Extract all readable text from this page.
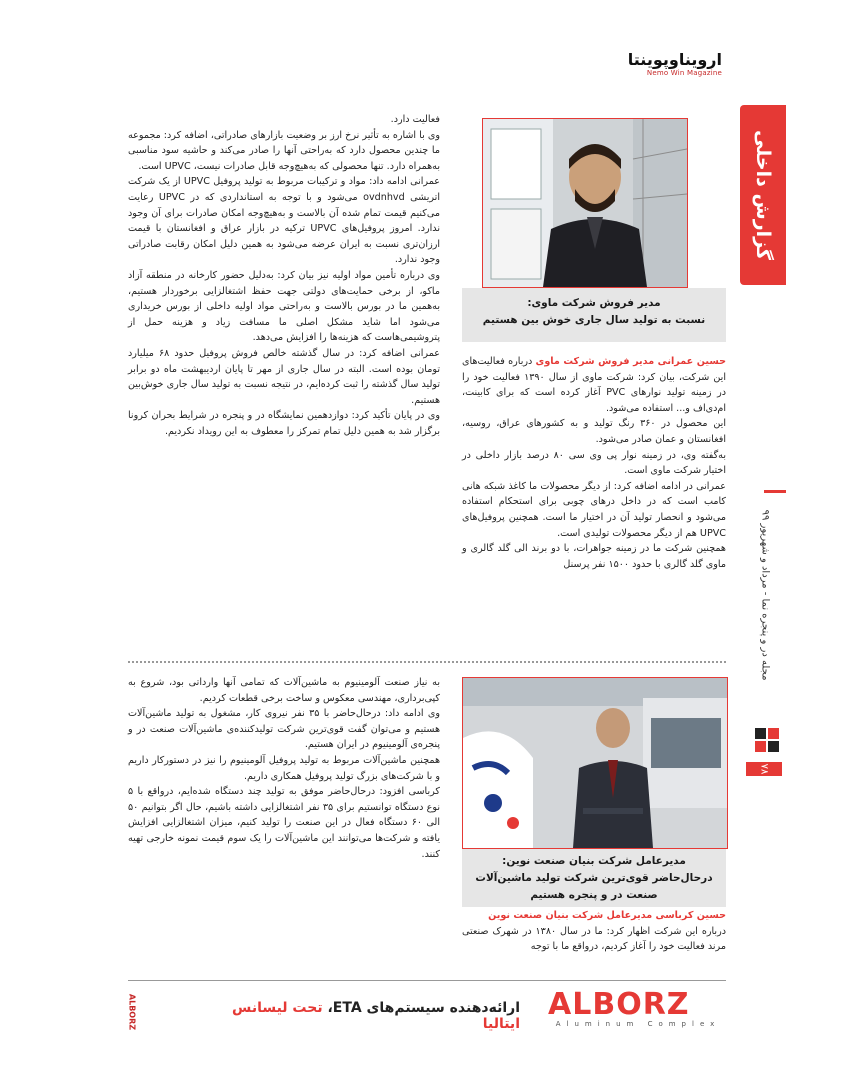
ارویناوپوینتا
Nemo Win Magazine
گزارش داخلی
مجله در و پنجره نما - مرداد و شهریور ۹۹
۷۸
مدیر فروش شرکت ماوی:
نسبت به تولید سال جاری خوش بین هستیم

حسین عمرانی مدیر فروش شرکت ماوی درباره فعالیت‌های این شرکت، بیان کرد: شرکت ماوی از سال ۱۳۹۰ فعالیت خود را در زمینه تولید نوارهای PVC آغاز کرده است که برای کابینت، ام‌دی‌اف و... استفاده می‌شود.

این محصول در ۳۶۰ رنگ تولید و به کشورهای عراق، روسیه، افغانستان و عمان صادر می‌شود.

به‌گفته وی، در زمینه نوار پی وی سی ۸۰ درصد بازار داخلی در اختیار شرکت ماوی است.

عمرانی در ادامه اضافه کرد: از دیگر محصولات ما کاغذ شبکه هانی کامب است که در داخل درهای چوبی برای استحکام استفاده می‌شود و انحصار تولید آن در اختیار ما است. همچنین پروفیل‌های UPVC هم از دیگر محصولات تولیدی است.

همچنین شرکت ما در زمینه جواهرات، با دو برند الی گلد گالری و ماوی گلد گالری با حدود ۱۵۰۰ نفر پرسنل

فعالیت دارد.

وی با اشاره به تأثیر نرخ ارز بر وضعیت بازارهای صادراتی، اضافه کرد: مجموعه ما چندین محصول دارد که به‌راحتی آنها را صادر می‌کند و حاشیه سود مناسبی به‌همراه دارد. تنها محصولی که به‌هیچ‌وجه قابل صادرات نیست، UPVC است.

عمرانی ادامه داد: مواد و ترکیبات مربوط به تولید پروفیل UPVC از یک شرکت اتریشی ovdnhvd می‌شود و با توجه به استانداردی که در UPVC رعایت می‌کنیم قیمت تمام شده آن بالاست و به‌هیچ‌وجه امکان صادرات برای آن وجود ندارد. امروز پروفیل‌های UPVC ترکیه در بازار عراق و افغانستان با قیمت ارزان‌تری نسبت به ایران عرضه می‌شود به همین دلیل امکان رقابت صادراتی وجود ندارد.

وی درباره تأمین مواد اولیه نیز بیان کرد: به‌دلیل حضور کارخانه در منطقه آزاد ماکو، از برخی حمایت‌های دولتی جهت حفظ اشتغالزایی برخوردار هستیم، به‌همین ما در بورس بالاست و به‌راحتی مواد اولیه داخلی از بورس خریداری می‌شود اما شاید مشکل اصلی ما مسافت زیاد و هزینه حمل از پتروشیمی‌هاست که هزینه‌ها را افزایش می‌دهد.

عمرانی اضافه کرد: در سال گذشته خالص فروش پروفیل حدود ۶۸ میلیارد تومان بوده است. البته در سال جاری از مهر تا پایان اردیبهشت ماه دو برابر تولید سال گذشته را ثبت کرده‌ایم، در نتیجه نسبت به تولید سال جاری خوش‌بین هستیم.

وی در پایان تأکید کرد: دوازدهمین نمایشگاه در و پنجره در شرایط بحران کرونا برگزار شد به همین دلیل تمام تمرکز را معطوف به این رویداد نکردیم.

مدیرعامل شرکت بنیان صنعت نوین:
درحال‌حاضر قوی‌ترین شرکت تولید ماشین‌آلات
صنعت در و پنجره هستیم

حسین کرباسی مدیرعامل شرکت بنیان صنعت نوین

درباره این شرکت اظهار کرد: ما در سال ۱۳۸۰ در شهرک صنعتی مرند فعالیت خود را آغاز کردیم، درواقع ما با توجه

به نیاز صنعت آلومینیوم به ماشین‌آلات که تمامی آنها وارداتی بود، شروع به کپی‌برداری، مهندسی معکوس و ساخت برخی قطعات کردیم.

وی ادامه داد: درحال‌حاضر با ۳۵ نفر نیروی کار، مشغول به تولید ماشین‌آلات هستیم و می‌توان گفت قوی‌ترین شرکت تولیدکننده‌ی ماشین‌آلات صنعت در و پنجره‌ی آلومینیوم در ایران هستیم.

همچنین ماشین‌آلات مربوط به تولید پروفیل آلومینیوم را نیز در دستورکار داریم و با شرکت‌های بزرگ تولید پروفیل همکاری داریم.

کرباسی افزود: درحال‌حاضر موفق به تولید چند دستگاه شده‌ایم، درواقع با ۵ نوع دستگاه توانستیم برای ۳۵ نفر اشتغالزایی داشته باشیم، حال اگر بتوانیم ۵۰ الی ۶۰ دستگاه فعال در این صنعت را تولید کنیم، میزان اشتغالزایی افزایش یافته و شرکت‌ها می‌توانند این ماشین‌آلات را یک سوم قیمت نمونه خارجی تهیه کنند.

ALBORZ	ارائه‌دهنده سیستم‌های ETA، تحت لیسانس ایتالیا
ALBORZ
Aluminum Complex
